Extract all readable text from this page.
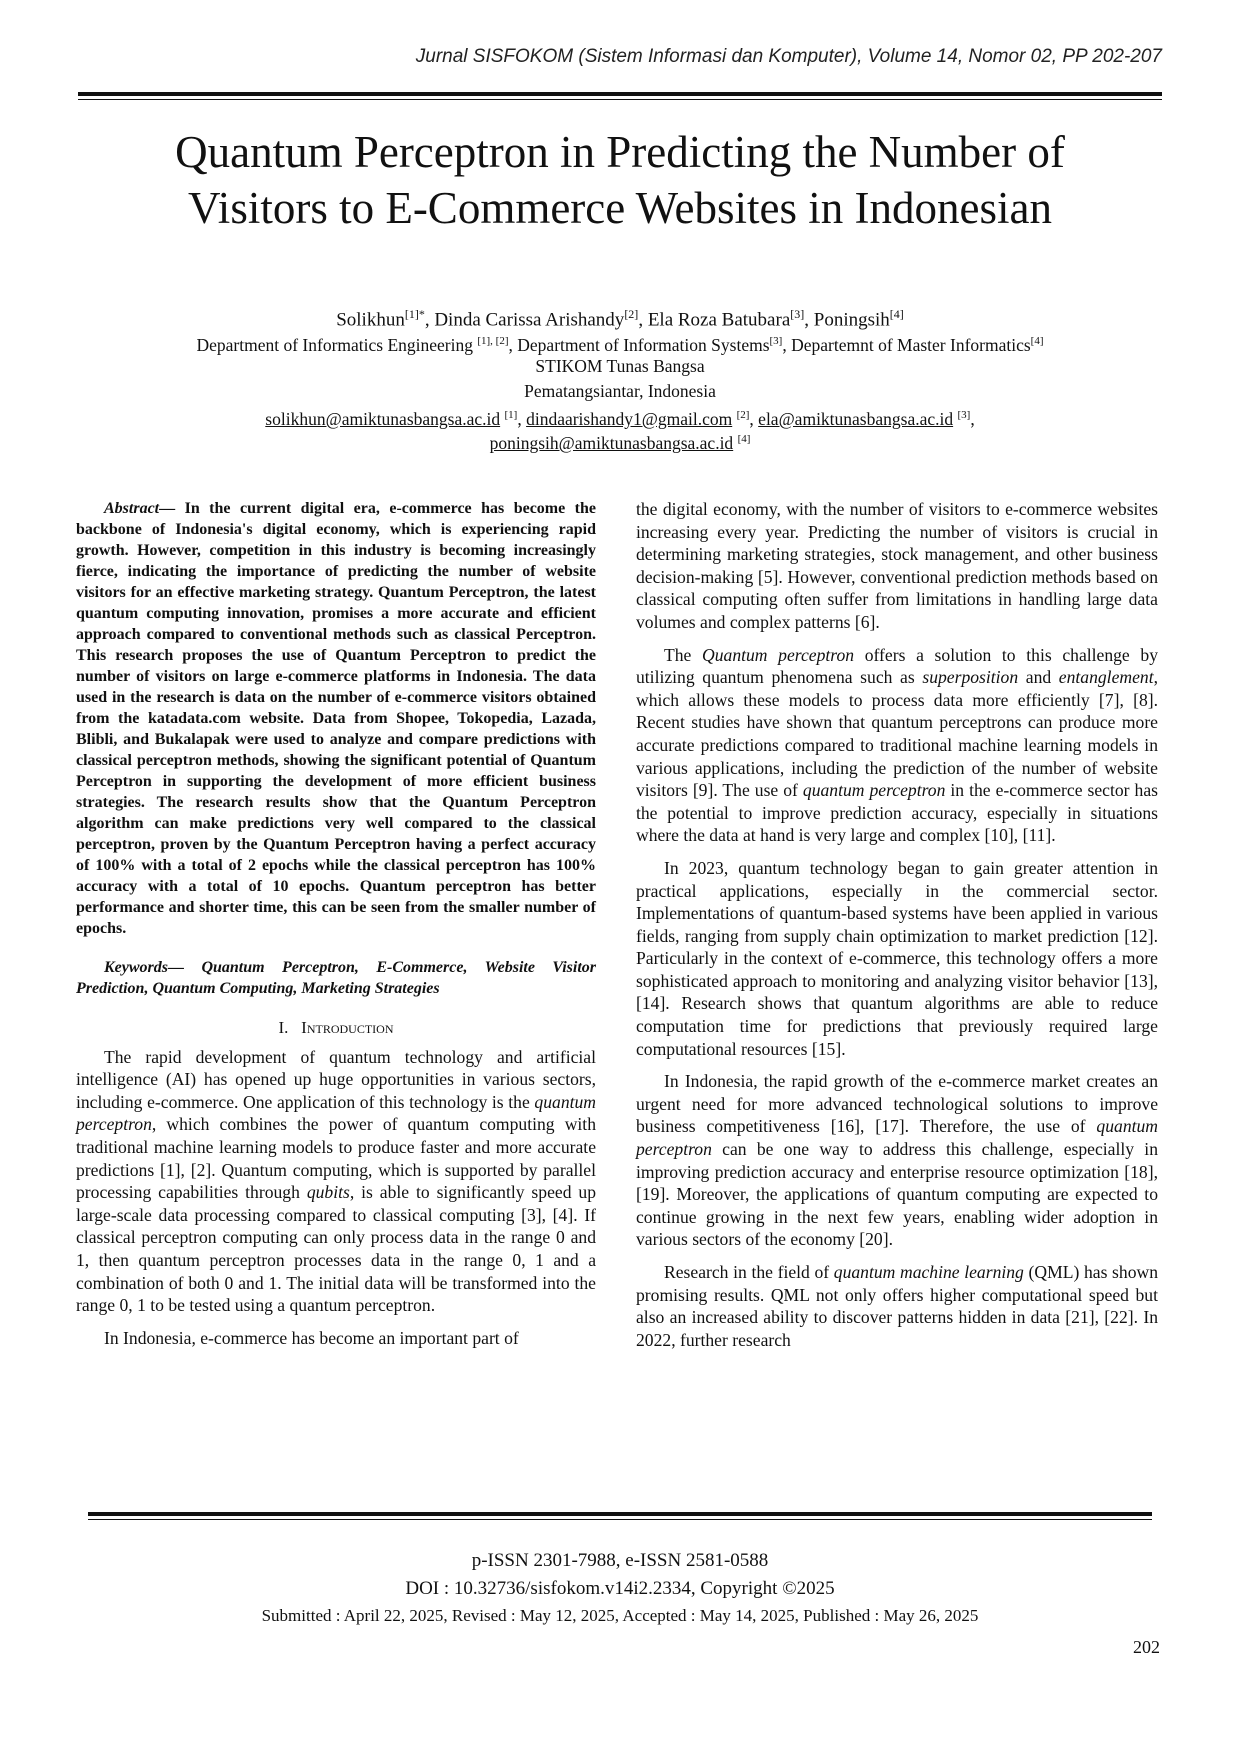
Jurnal SISFOKOM (Sistem Informasi dan Komputer), Volume 14, Nomor 02, PP 202-207
Quantum Perceptron in Predicting the Number of
Visitors to E-Commerce Websites in Indonesian
Solikhun$^{[1]*}$, Dinda Carissa Arishandy[2], Ela Roza Batubara[3], Poningsih[4]
Department of Informatics Engineering [1], [2], Department of Information Systems[3], Departemnt of Master Informatics[4]
STIKOM Tunas Bangsa
Pematangsiantar, Indonesia
solikhun@amiktunasbangsa.ac.id [1], dindaarishandy1@gmail.com [2], ela@amiktunasbangsa.ac.id [3],
poningsih@amiktunasbangsa.ac.id [4]

Abstract— In the current digital era, e-commerce has become the backbone of Indonesia's digital economy, which is experiencing rapid growth. However, competition in this industry is becoming increasingly fierce, indicating the importance of predicting the number of website visitors for an effective marketing strategy. Quantum Perceptron, the latest quantum computing innovation, promises a more accurate and efficient approach compared to conventional methods such as classical Perceptron. This research proposes the use of Quantum Perceptron to predict the number of visitors on large e-commerce platforms in Indonesia. The data used in the research is data on the number of e-commerce visitors obtained from the katadata.com website. Data from Shopee, Tokopedia, Lazada, Blibli, and Bukalapak were used to analyze and compare predictions with classical perceptron methods, showing the significant potential of Quantum Perceptron in supporting the development of more efficient business strategies. The research results show that the Quantum Perceptron algorithm can make predictions very well compared to the classical perceptron, proven by the Quantum Perceptron having a perfect accuracy of 100% with a total of 2 epochs while the classical perceptron has 100% accuracy with a total of 10 epochs. Quantum perceptron has better performance and shorter time, this can be seen from the smaller number of epochs.

Keywords— Quantum Perceptron, E-Commerce, Website Visitor Prediction, Quantum Computing, Marketing Strategies

I. Introduction

The rapid development of quantum technology and artificial intelligence (AI) has opened up huge opportunities in various sectors, including e-commerce. One application of this technology is the quantum perceptron, which combines the power of quantum computing with traditional machine learning models to produce faster and more accurate predictions [1], [2]. Quantum computing, which is supported by parallel processing capabilities through qubits, is able to significantly speed up large-scale data processing compared to classical computing [3], [4]. If classical perceptron computing can only process data in the range 0 and 1, then quantum perceptron processes data in the range 0, 1 and a combination of both 0 and 1. The initial data will be transformed into the range 0, 1 to be tested using a quantum perceptron.

In Indonesia, e-commerce has become an important part of

the digital economy, with the number of visitors to e-commerce websites increasing every year. Predicting the number of visitors is crucial in determining marketing strategies, stock management, and other business decision-making [5]. However, conventional prediction methods based on classical computing often suffer from limitations in handling large data volumes and complex patterns [6].

The Quantum perceptron offers a solution to this challenge by utilizing quantum phenomena such as superposition and entanglement, which allows these models to process data more efficiently [7], [8]. Recent studies have shown that quantum perceptrons can produce more accurate predictions compared to traditional machine learning models in various applications, including the prediction of the number of website visitors [9]. The use of quantum perceptron in the e-commerce sector has the potential to improve prediction accuracy, especially in situations where the data at hand is very large and complex [10], [11].

In 2023, quantum technology began to gain greater attention in practical applications, especially in the commercial sector. Implementations of quantum-based systems have been applied in various fields, ranging from supply chain optimization to market prediction [12]. Particularly in the context of e-commerce, this technology offers a more sophisticated approach to monitoring and analyzing visitor behavior [13], [14]. Research shows that quantum algorithms are able to reduce computation time for predictions that previously required large computational resources [15].

In Indonesia, the rapid growth of the e-commerce market creates an urgent need for more advanced technological solutions to improve business competitiveness [16], [17]. Therefore, the use of quantum perceptron can be one way to address this challenge, especially in improving prediction accuracy and enterprise resource optimization [18], [19]. Moreover, the applications of quantum computing are expected to continue growing in the next few years, enabling wider adoption in various sectors of the economy [20].

Research in the field of quantum machine learning (QML) has shown promising results. QML not only offers higher computational speed but also an increased ability to discover patterns hidden in data [21], [22]. In 2022, further research

p-ISSN 2301-7988, e-ISSN 2581-0588
DOI : 10.32736/sisfokom.v14i2.2334, Copyright ©2025
Submitted : April 22, 2025, Revised : May 12, 2025, Accepted : May 14, 2025, Published : May 26, 2025
202
